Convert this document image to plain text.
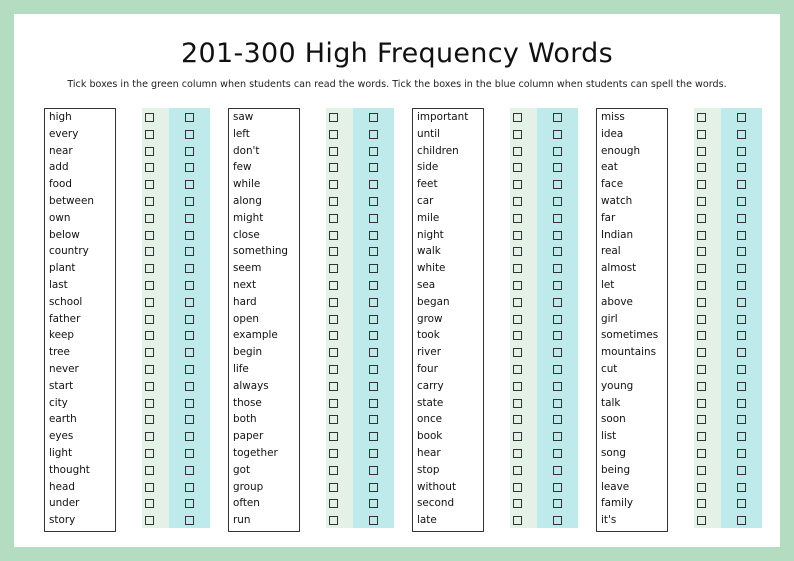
201-300 High Frequency Words
Tick boxes in the green column when students can read the words. Tick the boxes in the blue column when students can spell the words.
high
every
near
add
food
between
own
below
country
plant
last
school
father
keep
tree
never
start
city
earth
eyes
light
thought
head
under
story
saw
left
don't
few
while
along
might
close
something
seem
next
hard
open
example
begin
life
always
those
both
paper
together
got
group
often
run
important
until
children
side
feet
car
mile
night
walk
white
sea
began
grow
took
river
four
carry
state
once
book
hear
stop
without
second
late
miss
idea
enough
eat
face
watch
far
Indian
real
almost
let
above
girl
sometimes
mountains
cut
young
talk
soon
list
song
being
leave
family
it's
